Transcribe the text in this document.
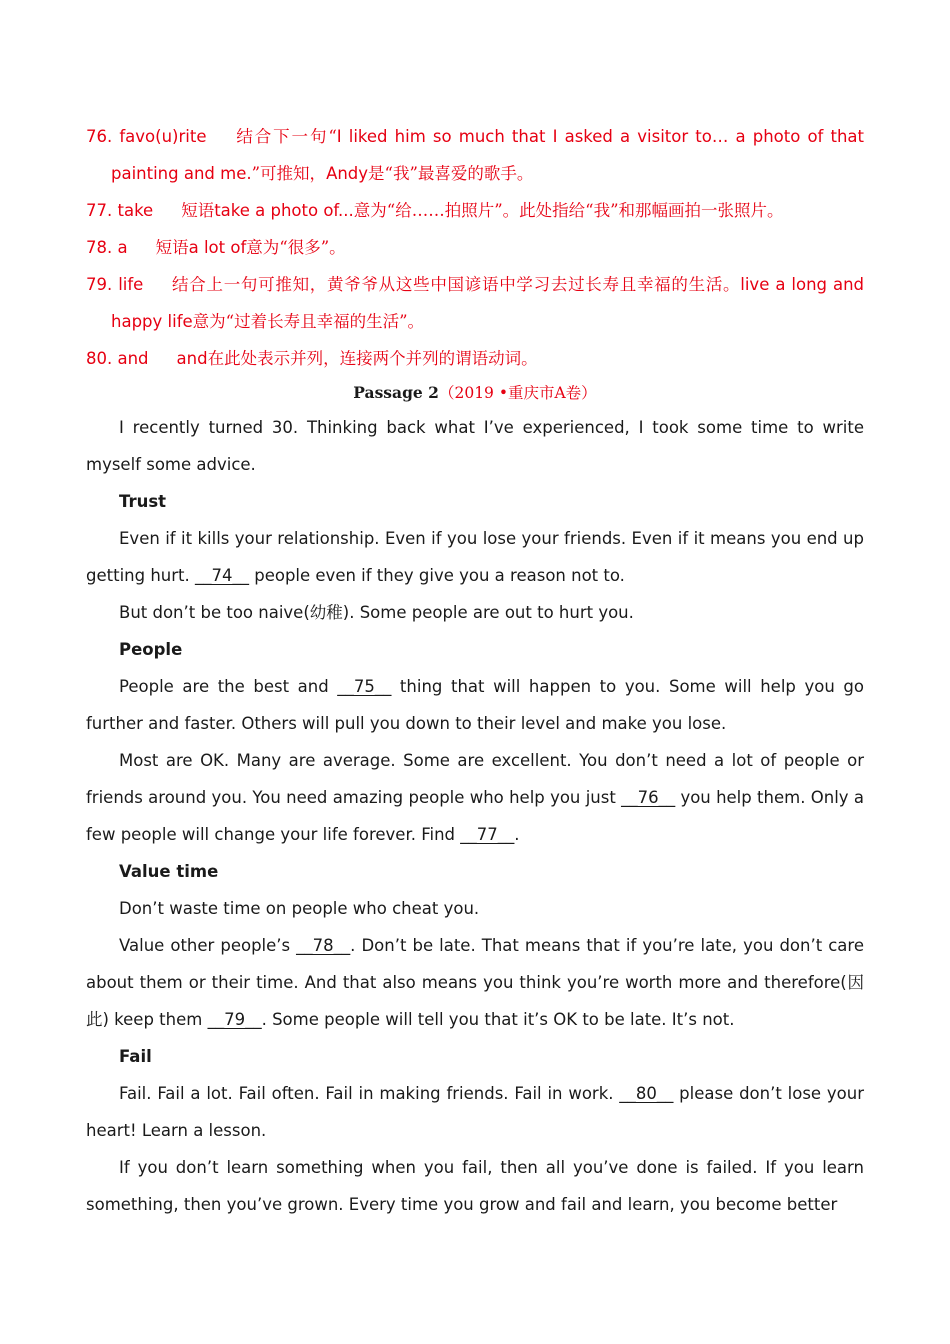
76. favo(u)rite 结合下一句“I liked him so much that I asked a visitor to… a photo of that painting and me.”可推知，Andy是“我”最喜爱的歌手。

77. take 短语take a photo of...意为“给……拍照片”。此处指给“我”和那幅画拍一张照片。

78. a 短语a lot of意为“很多”。

79. life 结合上一句可推知，黄爷爷从这些中国谚语中学习去过长寿且幸福的生活。live a long and happy life意为“过着长寿且幸福的生活”。

80. and and在此处表示并列，连接两个并列的谓语动词。

Passage 2（2019 •重庆市A卷）

I recently turned 30. Thinking back what I’ve experienced, I took some time to write myself some advice.

Trust

Even if it kills your relationship. Even if you lose your friends. Even if it means you end up getting hurt. __74__ people even if they give you a reason not to.

But don’t be too naive(幼稚). Some people are out to hurt you.

People

People are the best and __75__ thing that will happen to you. Some will help you go further and faster. Others will pull you down to their level and make you lose.

Most are OK. Many are average. Some are excellent. You don’t need a lot of people or friends around you. You need amazing people who help you just __76__ you help them. Only a few people will change your life forever. Find __77__.

Value time

Don’t waste time on people who cheat you.

Value other people’s __78__. Don’t be late. That means that if you’re late, you don’t care about them or their time. And that also means you think you’re worth more and therefore(因此) keep them __79__. Some people will tell you that it’s OK to be late. It’s not.

Fail

Fail. Fail a lot. Fail often. Fail in making friends. Fail in work. __80__ please don’t lose your heart! Learn a lesson.

If you don’t learn something when you fail, then all you’ve done is failed. If you learn something, then you’ve grown. Every time you grow and fail and learn, you become better
